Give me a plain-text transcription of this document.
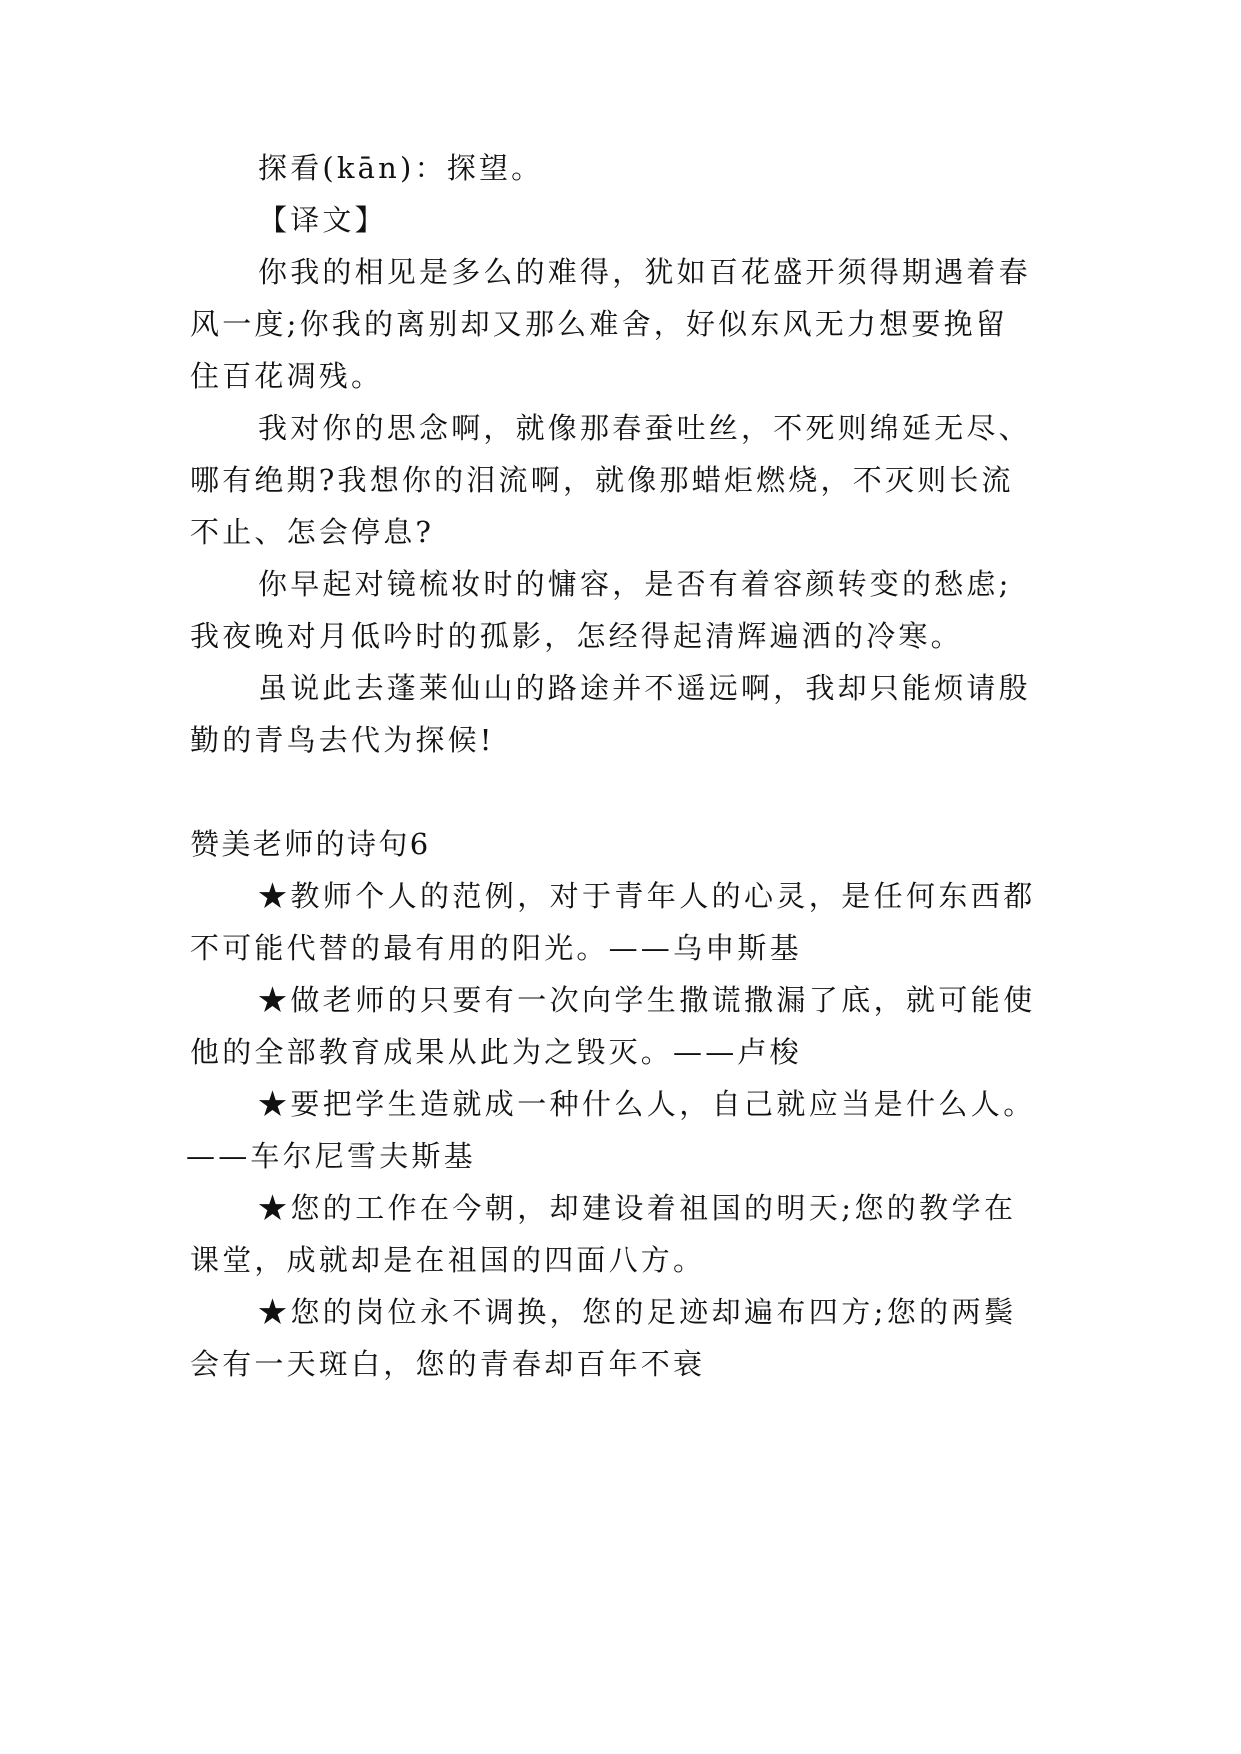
探看(kān)：探望。
【译文】
你我的相见是多么的难得，犹如百花盛开须得期遇着春
风一度;你我的离别却又那么难舍，好似东风无力想要挽留
住百花凋残。
我对你的思念啊，就像那春蚕吐丝，不死则绵延无尽、
哪有绝期?我想你的泪流啊，就像那蜡炬燃烧，不灭则长流
不止、怎会停息?
你早起对镜梳妆时的慵容，是否有着容颜转变的愁虑;
我夜晚对月低吟时的孤影，怎经得起清辉遍洒的冷寒。
虽说此去蓬莱仙山的路途并不遥远啊，我却只能烦请殷
勤的青鸟去代为探候!
赞美老师的诗句6
★教师个人的范例，对于青年人的心灵，是任何东西都
不可能代替的最有用的阳光。——乌申斯基
★做老师的只要有一次向学生撒谎撒漏了底，就可能使
他的全部教育成果从此为之毁灭。——卢梭
★要把学生造就成一种什么人，自己就应当是什么人。
——车尔尼雪夫斯基
★您的工作在今朝，却建设着祖国的明天;您的教学在
课堂，成就却是在祖国的四面八方。
★您的岗位永不调换，您的足迹却遍布四方;您的两鬓
会有一天斑白，您的青春却百年不衰
